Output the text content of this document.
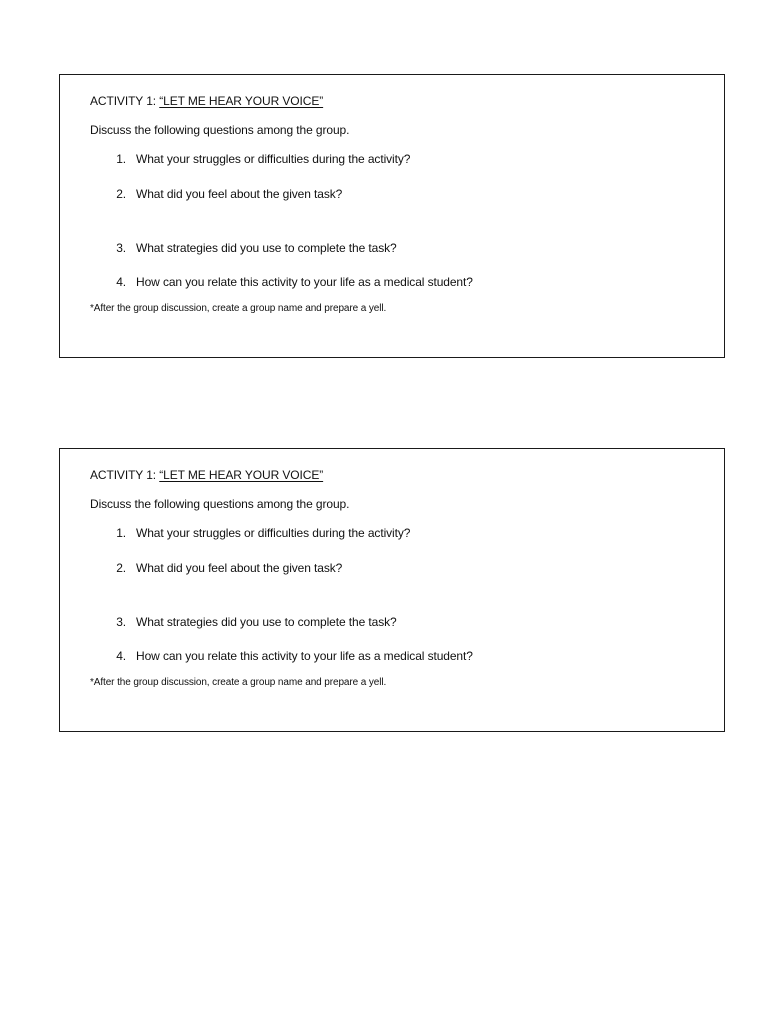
ACTIVITY 1: “LET ME HEAR YOUR VOICE”
Discuss the following questions among the group.
1. What your struggles or difficulties during the activity?
2. What did you feel about the given task?
3. What strategies did you use to complete the task?
4. How can you relate this activity to your life as a medical student?
*After the group discussion, create a group name and prepare a yell.
ACTIVITY 1: “LET ME HEAR YOUR VOICE”
Discuss the following questions among the group.
1. What your struggles or difficulties during the activity?
2. What did you feel about the given task?
3. What strategies did you use to complete the task?
4. How can you relate this activity to your life as a medical student?
*After the group discussion, create a group name and prepare a yell.
